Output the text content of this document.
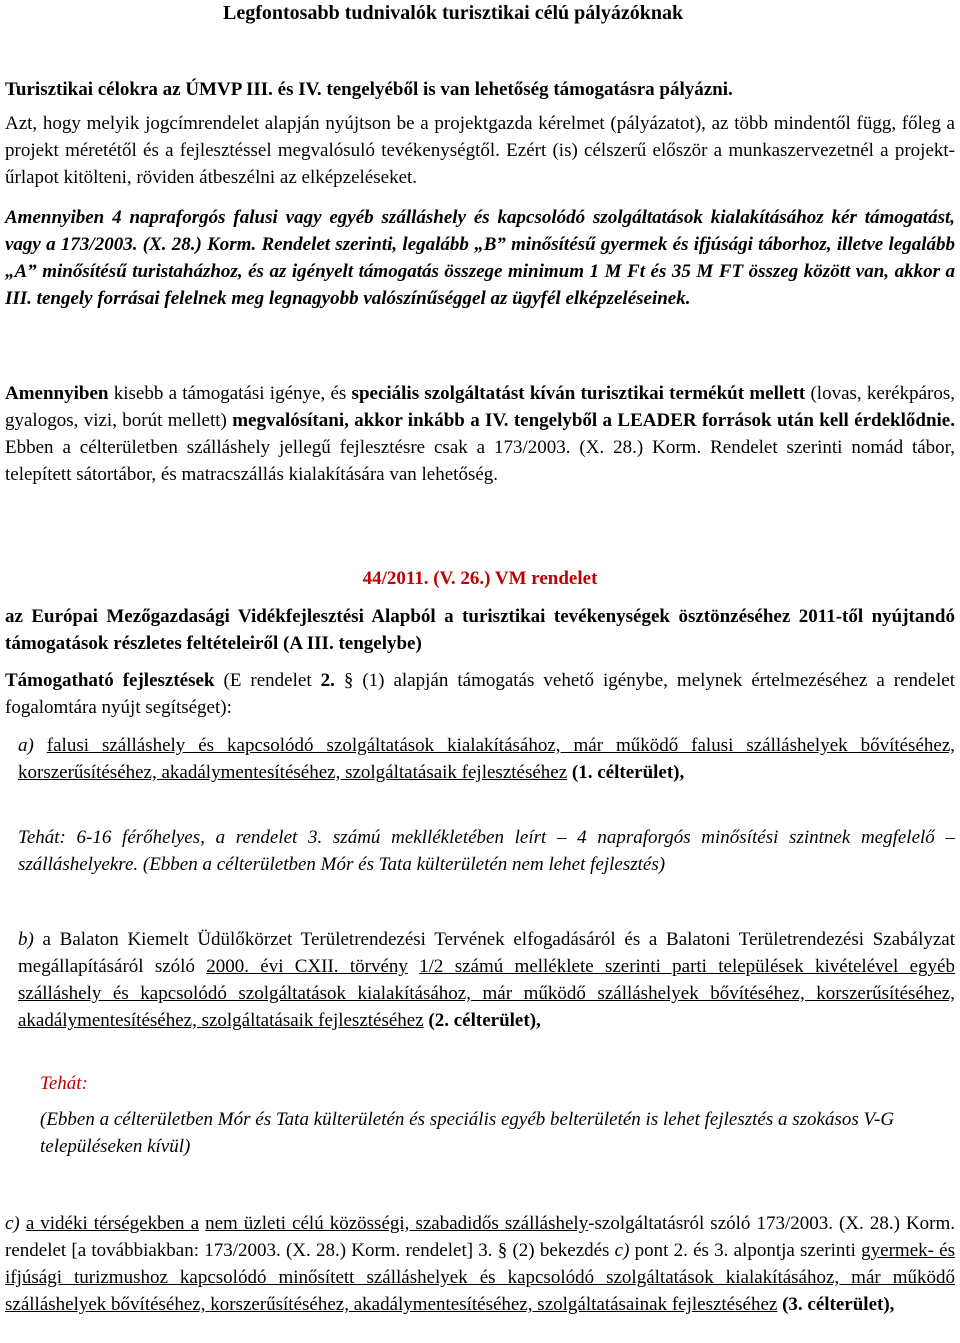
Legfontosabb tudnivalók turisztikai célú pályázóknak
Turisztikai célokra az ÚMVP III. és IV. tengelyéből is van lehetőség támogatásra pályázni.
Azt, hogy melyik jogcímrendelet alapján nyújtson be a projektgazda kérelmet (pályázatot), az több mindentől függ, főleg a projekt méretétől és a fejlesztéssel megvalósuló tevékenységtől. Ezért (is) célszerű először a munkaszervezetnél a projekt-űrlapot kitölteni, röviden átbeszélni az elképzeléseket.
Amennyiben 4 napraforgós falusi vagy egyéb szálláshely és kapcsolódó szolgáltatások kialakításához kér támogatást, vagy a 173/2003. (X. 28.) Korm. Rendelet szerinti, legalább „B” minősítésű gyermek és ifjúsági táborhoz, illetve legalább „A” minősítésű turistaházhoz, és az igényelt támogatás összege minimum 1 M Ft és 35 M FT összeg között van, akkor a III. tengely forrásai felelnek meg legnagyobb valószínűséggel az ügyfél elképzeléseinek.
Amennyiben kisebb a támogatási igénye, és speciális szolgáltatást kíván turisztikai termékút mellett (lovas, kerékpáros, gyalogos, vizi, borút mellett) megvalósítani, akkor inkább a IV. tengelyből a LEADER források után kell érdeklődnie. Ebben a célterületben szálláshely jellegű fejlesztésre csak a 173/2003. (X. 28.) Korm. Rendelet szerinti nomád tábor, telepített sátortábor, és matracszállás kialakítására van lehetőség.
44/2011. (V. 26.) VM rendelet
az Európai Mezőgazdasági Vidékfejlesztési Alapból a turisztikai tevékenységek ösztönzéséhez 2011-től nyújtandó támogatások részletes feltételeiről (A III. tengelybe)
Támogatható fejlesztések (E rendelet 2. § (1) alapján támogatás vehető igénybe, melynek értelmezéséhez a rendelet fogalomtára nyújt segítséget):
a) falusi szálláshely és kapcsolódó szolgáltatások kialakításához, már működő falusi szálláshelyek bővítéséhez, korszerűsítéséhez, akadálymentesítéséhez, szolgáltatásaik fejlesztéséhez (1. célterület),
Tehát: 6-16 férőhelyes, a rendelet 3. számú mekllékletében leírt – 4 napraforgós minősítési szintnek megfelelő – szálláshelyekre. (Ebben a célterületben Mór és Tata külterületén nem lehet fejlesztés)
b) a Balaton Kiemelt Üdülőkörzet Területrendezési Tervének elfogadásáról és a Balatoni Területrendezési Szabályzat megállapításáról szóló 2000. évi CXII. törvény 1/2 számú melléklete szerinti parti települések kivételével egyéb szálláshely és kapcsolódó szolgáltatások kialakításához, már működő szálláshelyek bővítéséhez, korszerűsítéséhez, akadálymentesítéséhez, szolgáltatásaik fejlesztéséhez (2. célterület),
Tehát:
(Ebben a célterületben Mór és Tata külterületén és speciális egyéb belterületén is lehet fejlesztés a szokásos V-G településeken kívül)
c) a vidéki térségekben a nem üzleti célú közösségi, szabadidős szálláshely-szolgáltatásról szóló 173/2003. (X. 28.) Korm. rendelet [a továbbiakban: 173/2003. (X. 28.) Korm. rendelet] 3. § (2) bekezdés c) pont 2. és 3. alpontja szerinti gyermek- és ifjúsági turizmushoz kapcsolódó minősített szálláshelyek és kapcsolódó szolgáltatások kialakításához, már működő szálláshelyek bővítéséhez, korszerűsítéséhez, akadálymentesítéséhez, szolgáltatásainak fejlesztéséhez (3. célterület),
